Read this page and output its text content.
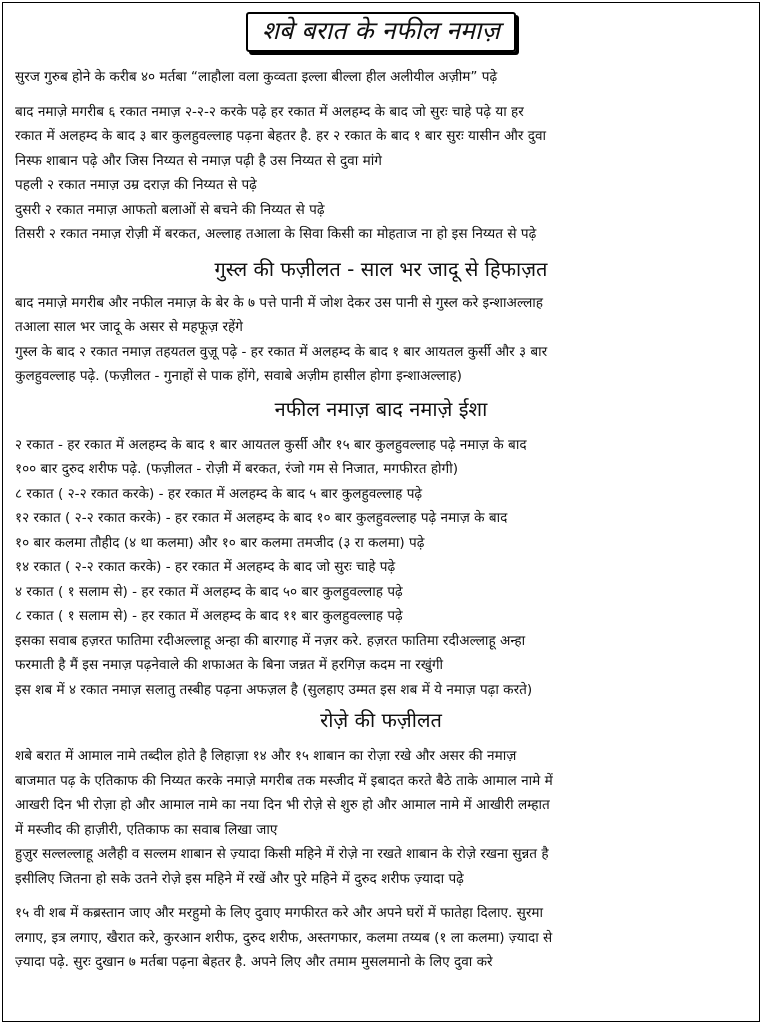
शबे बरात के नफील नमाज़
सुरज गुरुब होने के करीब ४० मर्तबा “लाहौला वला कुव्वता इल्ला बील्ला हील अलीयील अज़ीम” पढ़े
बाद नमाज़े मगरीब ६ रकात नमाज़ २-२-२ करके पढ़े हर रकात में अलहम्द के बाद जो सुरः चाहे पढ़े या हर
रकात में अलहम्द के बाद ३ बार कुलहुवल्लाह पढ़ना बेहतर है. हर २ रकात के बाद १ बार सुरः यासीन और दुवा
निस्फ शाबान पढ़े और जिस निय्यत से नमाज़ पढ़ी है उस निय्यत से दुवा मांगे
पहली २ रकात नमाज़ उम्र दराज़ की निय्यत से पढ़े
दुसरी २ रकात नमाज़ आफतो बलाओं से बचने की निय्यत से पढ़े
तिसरी २ रकात नमाज़ रोज़ी में बरकत, अल्लाह तआला के सिवा किसी का मोहताज ना हो इस निय्यत से पढ़े
गुस्ल की फज़ीलत - साल भर जादू से हिफाज़त
बाद नमाज़े मगरीब और नफील नमाज़ के बेर के ७ पत्ते पानी में जोश देकर उस पानी से गुस्ल करे इन्शाअल्लाह
तआला साल भर जादू के असर से महफूज़ रहेंगे
गुस्ल के बाद २ रकात नमाज़ तहयतल वुज़ू पढ़े - हर रकात में अलहम्द के बाद १ बार आयतल कुर्सी और ३ बार
कुलहुवल्लाह पढ़े. (फज़ीलत - गुनाहों से पाक होंगे, सवाबे अज़ीम हासील होगा इन्शाअल्लाह)
नफील नमाज़ बाद नमाज़े ईशा
२ रकात - हर रकात में अलहम्द के बाद १ बार आयतल कुर्सी और १५ बार कुलहुवल्लाह पढ़े नमाज़ के बाद
१०० बार दुरुद शरीफ पढ़े. (फज़ीलत - रोज़ी में बरकत, रंजो गम से निजात, मगफीरत होगी)
८ रकात ( २-२ रकात करके) - हर रकात में अलहम्द के बाद ५ बार कुलहुवल्लाह पढ़े
१२ रकात ( २-२ रकात करके) - हर रकात में अलहम्द के बाद १० बार कुलहुवल्लाह पढ़े नमाज़ के बाद
१० बार कलमा तौहीद (४ था कलमा) और १० बार कलमा तमजीद (३ रा कलमा) पढ़े
१४ रकात ( २-२ रकात करके) - हर रकात में अलहम्द के बाद जो सुरः चाहे पढ़े
४ रकात ( १ सलाम से) - हर रकात में अलहम्द के बाद ५० बार कुलहुवल्लाह पढ़े
८ रकात ( १ सलाम से) - हर रकात में अलहम्द के बाद ११ बार कुलहुवल्लाह पढ़े
इसका सवाब हज़रत फातिमा रदीअल्लाहू अन्हा की बारगाह में नज़र करे. हज़रत फातिमा रदीअल्लाहू अन्हा
फरमाती है मैं इस नमाज़ पढ़नेवाले की शफाअत के बिना जन्नत में हरगिज़ कदम ना रखुंगी
इस शब में ४ रकात नमाज़ सलातु तस्बीह पढ़ना अफज़ल है (सुलहाए उम्मत इस शब में ये नमाज़ पढ़ा करते)
रोज़े की फज़ीलत
शबे बरात में आमाल नामे तब्दील होते है लिहाज़ा १४ और १५ शाबान का रोज़ा रखे और असर की नमाज़
बाजमात पढ़ के एतिकाफ की निय्यत करके नमाज़े मगरीब तक मस्जीद में इबादत करते बैठे ताके आमाल नामे में
आखरी दिन भी रोज़ा हो और आमाल नामे का नया दिन भी रोज़े से शुरु हो और आमाल नामे में आखीरी लम्हात
में मस्जीद की हाज़ीरी, एतिकाफ का सवाब लिखा जाए
हुज़ुर सल्लल्लाहू अलैही व सल्लम शाबान से ज़्यादा किसी महिने में रोज़े ना रखते शाबान के रोज़े रखना सुन्नत है
इसीलिए जितना हो सके उतने रोज़े इस महिने में रखें और पुरे महिने में दुरुद शरीफ ज़्यादा पढ़े
१५ वी शब में कब्रस्तान जाए और मरहुमो के लिए दुवाए मगफीरत करे और अपने घरों में फातेहा दिलाए. सुरमा
लगाए, इत्र लगाए, खैरात करे, कुरआन शरीफ, दुरुद शरीफ, अस्तगफार, कलमा तय्यब (१ ला कलमा) ज़्यादा से
ज़्यादा पढ़े. सुरः दुखान ७ मर्तबा पढ़ना बेहतर है. अपने लिए और तमाम मुसलमानो के लिए दुवा करे
